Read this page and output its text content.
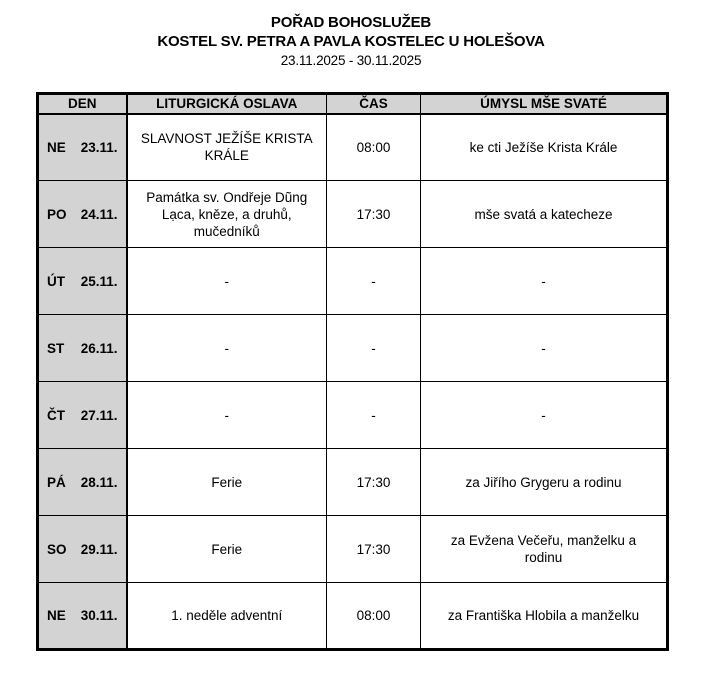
POŘAD BOHOSLUŽEB
KOSTEL SV. PETRA A PAVLA KOSTELEC U HOLEŠOVA
23.11.2025 - 30.11.2025
DEN	LITURGICKÁ OSLAVA	ČAS	ÚMYSL MŠE SVATÉ

NE 23.11.	SLAVNOST JEŽÍŠE KRISTA KRÁLE	08:00	ke cti Ježíše Krista Krále

PO 24.11.	Památka sv. Ondřeje Dũng Lạca, kněze, a druhů, mučedníků	17:30	mše svatá a katecheze

ÚT 25.11.	-	-	-

ST 26.11.	-	-	-

ČT 27.11.	-	-	-

PÁ 28.11.	Ferie	17:30	za Jiřího Grygeru a rodinu

SO 29.11.	Ferie	17:30	za Evžena Večeřu, manželku a rodinu

NE 30.11.	1. neděle adventní	08:00	za Františka Hlobila a manželku
